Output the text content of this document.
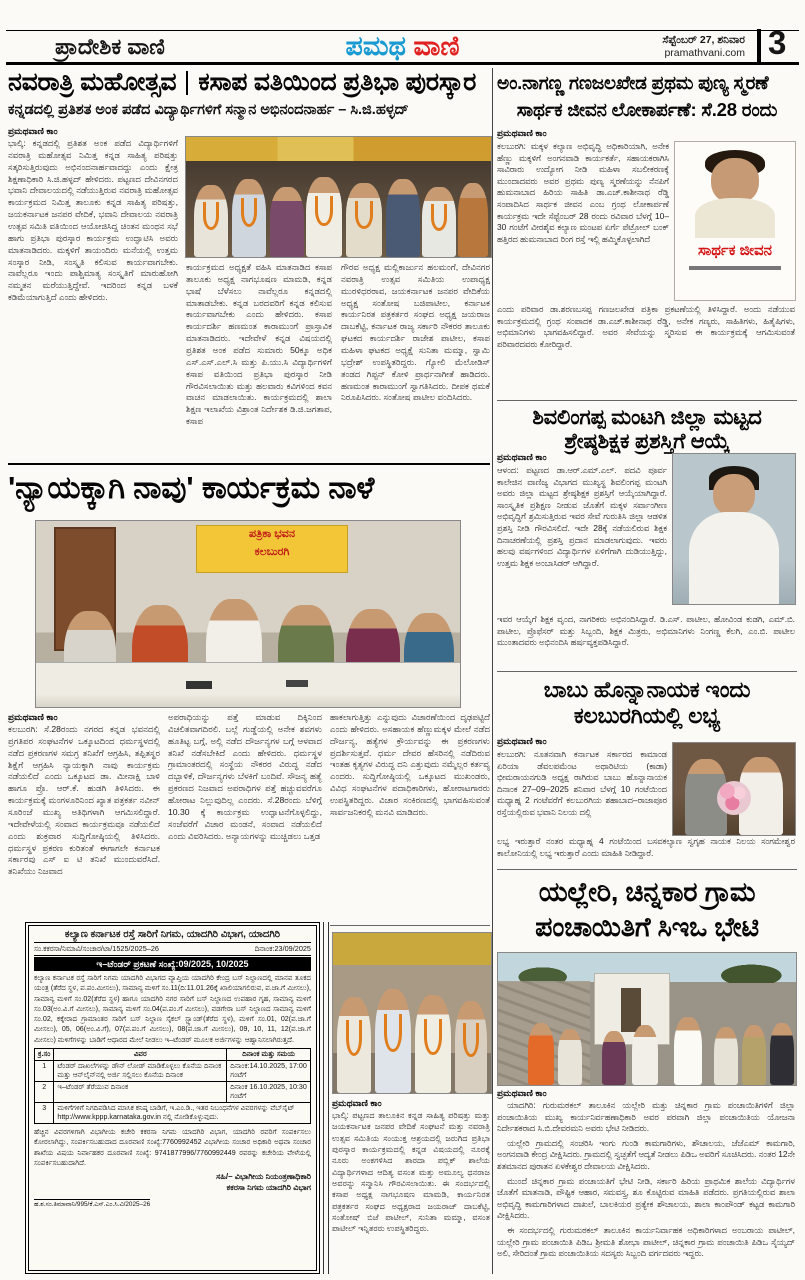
ಪ್ರಾದೇಶಿಕ ವಾಣಿ	ಪಮಥ ವಾಣಿ	ಸೆಪ್ಟೆಂಬರ್ 27, ಶನಿವಾರ
pramathvani.com 3
ನವರಾತ್ರಿ ಮಹೋತ್ಸವ ಕಸಾಪ ವತಿಯಿಂದ ಪ್ರತಿಭಾ ಪುರಸ್ಕಾರ
ಕನ್ನಡದಲ್ಲಿ ಪ್ರತಿಶತ ಅಂಕ ಪಡೆದ ವಿದ್ಯಾರ್ಥಿಗಳಿಗೆ ಸನ್ಮಾನ ಅಭಿನಂದನಾರ್ಹ – ಸಿ.ಜಿ.ಹಳ್ಳದ್
ಪ್ರಮಥವಾಣಿ ಕಾಂ
ಭಾಲ್ಕಿ: ಕನ್ನಡದಲ್ಲಿ ಪ್ರತಿಶತ ಅಂಕ ಪಡೆದ ವಿದ್ಯಾರ್ಥಿಗಳಿಗೆ ನವರಾತ್ರಿ ಮಹೋತ್ಸವ ನಿಮಿತ್ತ ಕನ್ನಡ ಸಾಹಿತ್ಯ ಪರಿಷತ್ತು ಸತ್ಕರಿಸುತ್ತಿರುವುದು ಅಭಿನಂದನಾರ್ಹವಾದದ್ದು ಎಂದು ಕ್ಷೇತ್ರ ಶಿಕ್ಷಣಾಧಿಕಾರಿ ಸಿ.ಜಿ.ಹಳ್ಳದ್ ಹೇಳಿದರು. ಪಟ್ಟಣದ ದೇವಿನಗರದ ಭವಾನಿ ದೇವಾಲಯದಲ್ಲಿ ನಡೆಯುತ್ತಿರುವ ನವರಾತ್ರಿ ಮಹೋತ್ಸವ ಕಾರ್ಯಕ್ರಮದ ನಿಮಿತ್ತ ತಾಲೂಕು ಕನ್ನಡ ಸಾಹಿತ್ಯ ಪರಿಷತ್ತು, ಜಯಕರ್ನಾಟಕ ಜನಪರ ವೇದಿಕೆ, ಭವಾನಿ ದೇವಾಲಯ ನವರಾತ್ರಿ ಉತ್ಸವ ಸಮಿತಿ ವತಿಯಿಂದ ಆಯೋಜಿಸಿದ್ದ ಚಿಂತನ ಮಂಥನ ಸಭೆ ಹಾಗು ಪ್ರತಿಭಾ ಪುರಸ್ಕಾರ ಕಾರ್ಯಕ್ರಮ ಉದ್ಘಾಟಿಸಿ ಅವರು ಮಾತನಾಡಿದರು. ಮಕ್ಕಳಿಗೆ ತಾಯಂದಿರು ಮನೆಯಲ್ಲಿ ಉತ್ತಮ ಸಂಸ್ಕಾರ ನೀಡಿ, ಸಂಸ್ಕೃತಿ ಕಲಿಸುವ ಕಾರ್ಯವಾಗಬೇಕು. ನಾವೆಲ್ಲರೂ ಇಂದು ಪಾಶ್ಚಿಮಾತ್ಯ ಸಂಸ್ಕೃತಿಗೆ ಮಾರುಹೋಗಿ ನಮ್ಮತನ ಮರೆಯುತ್ತಿದ್ದೇವೆ. ಇದರಿಂದ ಕನ್ನಡ ಬಳಕೆ ಕಡಿಮೆಯಾಗುತ್ತಿದೆ ಎಂದು ಹೇಳಿದರು.
ಕಾರ್ಯಕ್ರಮದ ಅಧ್ಯಕ್ಷತೆ ವಹಿಸಿ ಮಾತನಾಡಿದ ಕಸಾಪ ತಾಲೂಕು ಅಧ್ಯಕ್ಷ ನಾಗಭೂಷಣ ಮಾಮಡಿ, ಕನ್ನಡ ಭಾಷೆ ಬೆಳೆಸಲು ನಾವೆಲ್ಲರೂ ಕನ್ನಡದಲ್ಲಿ ಮಾತಾಡಬೇಕು. ಕನ್ನಡ ಬರದವರಿಗೆ ಕನ್ನಡ ಕಲಿಸುವ ಕಾರ್ಯವಾಗಬೇಕು ಎಂದು ಹೇಳಿದರು. ಕಸಾಪ ಕಾರ್ಯದರ್ಶಿ ಹಣಮಂತ ಕಾರಾಮುಂಗೆ ಪ್ರಾಸ್ತಾವಿಕ ಮಾತನಾಡಿದರು. ಇದೇವೇಳೆ ಕನ್ನಡ ವಿಷಯದಲ್ಲಿ ಪ್ರತಿಶತ ಅಂಕ ಪಡೆದ ಸುಮಾರು 50ಕ್ಕೂ ಅಧಿಕ ಎಸ್.ಎಸ್.ಎಲ್.ಸಿ ಮತ್ತು ಪಿ.ಯು.ಸಿ ವಿದ್ಯಾರ್ಥಿಗಳಿಗೆ ಕಸಾಪ ವತಿಯಿಂದ ಪ್ರತಿಭಾ ಪುರಸ್ಕಾರ ನೀಡಿ ಗೌರವಿಸಲಾಯಿತು ಮತ್ತು ಹಲವಾರು ಕವಿಗಳಿಂದ ಕವನ ವಾಚನ ಮಾಡಲಾಯಿತು. ಕಾರ್ಯಕ್ರಮದಲ್ಲಿ ಶಾಲಾ ಶಿಕ್ಷಣ ಇಲಾಖೆಯ ವಿಶ್ರಾಂತ ನಿರ್ದೇಶಕ ಡಿ.ಜಿ.ಜಗತಾಪ, ಕಸಾಪ
ಗೌರವ ಅಧ್ಯಕ್ಷ ಮಲ್ಲಿಕಾರ್ಜುನ ಹಲಮಂಗೆ, ದೇವಿನಗರ ನವರಾತ್ರಿ ಉತ್ಸವ ಸಮಿತಿಯ ಉಪಾಧ್ಯಕ್ಷ ಮುರಳಿಧರರಾವ, ಜಯಕರ್ನಾಟಕ ಜನಪರ ವೇದಿಕೆಯ ಅಧ್ಯಕ್ಷ ಸಂತೋಷ ಬಜಿಪಾಟೀಲ, ಕರ್ನಾಟಕ ಕಾರ್ಯನಿರತ ಪತ್ರಕರ್ತರ ಸಂಘದ ಅಧ್ಯಕ್ಷ ಜಯರಾಜ ದಾಬಕೆಟ್ಟಿ, ಕರ್ನಾಟಕ ರಾಜ್ಯ ಸರ್ಕಾರಿ ನೌಕರರ ತಾಲೂಕು ಘಟಕದ ಕಾರ್ಯದರ್ಶಿ ರಾಜೇಶ ಪಾಟೀಲ, ಕಸಾಪ ಮಹಿಳಾ ಘಟಕದ ಅಧ್ಯಕ್ಷೆ ಸುನಿತಾ ಮಮ್ಮಾ, ಸ್ವಾಮಿ ಭದ್ರೇಶ್ ಉಪಸ್ಥಿತರಿದ್ದರು. ಗ್ಯೋಲಿ ಮೆಲೋಡಿಸ್ ತಂಡದ ಗಿಪ್ಟನ್ ಕೋಳಿ ಪ್ರಾರ್ಥನಾಗೀತೆ ಹಾಡಿದರು. ಹಣಮಂತ ಕಾರಾಮುಂಗೆ ಸ್ವಾಗತಿಸಿದರು. ದೀಪಕ ಥಮಕೆ ನಿರೂಪಿಸಿದರು. ಸಂತೋಷ ಪಾಟೀಲ ವಂದಿಸಿದರು.
'ನ್ಯಾಯಕ್ಕಾಗಿ ನಾವು' ಕಾರ್ಯಕ್ರಮ ನಾಳೆ
ಪತ್ರಿಕಾ ಭವನ
ಕಲಬುರಗಿ
ಪ್ರಮಥವಾಣಿ ಕಾಂ
ಕಲಬುರಗಿ: ಸೆ.28ರಂದು ನಗರದ ಕನ್ನಡ ಭವನದಲ್ಲಿ ಪ್ರಗತಿಪರ ಸಂಘಟನೆಗಳ ಒಕ್ಕೂಟದಿಂದ ಧರ್ಮಸ್ಥಳದಲ್ಲಿ ನಡೆದ ಪ್ರಕರಣಗಳ ಸಮಗ್ರ ತನಿಖೆಗೆ ಆಗ್ರಹಿಸಿ, ತಪ್ಪಿತಸ್ಥರ ಶಿಕ್ಷೆಗೆ ಆಗ್ರಹಿಸಿ ನ್ಯಾಯಕ್ಕಾಗಿ ನಾವು ಕಾರ್ಯಕ್ರಮ ನಡೆಯಲಿದೆ ಎಂದು ಒಕ್ಕೂಟದ ಡಾ. ಮೀನಾಕ್ಷಿ ಬಾಳಿ ಹಾಗೂ ಪ್ರೊ. ಆರ್.ಕೆ. ಹುಡಗಿ ತಿಳಿಸಿದರು. ಈ ಕಾರ್ಯಕ್ರಮಕ್ಕೆ ಮಂಗಳೂರಿನಿಂದ ಖ್ಯಾತ ಪತ್ರಕರ್ತ ನವೀನ್ ಸೂರಿಂಜೆ ಮುಖ್ಯ ಅತಿಥಿಗಳಾಗಿ ಆಗಮಿಸಲಿದ್ದಾರೆ. ಇದೇವೇಳೆಯಲ್ಲಿ ಸಂವಾದ ಕಾರ್ಯಕ್ರಮವೂ ನಡೆಯಲಿದೆ ಎಂದು ಶುಕ್ರವಾರ ಸುದ್ದಿಗೋಷ್ಠಿಯಲ್ಲಿ ತಿಳಿಸಿದರು. ಧರ್ಮಸ್ಥಳ ಪ್ರಕರಣ ಕುರಿತಂತೆ ಈಗಾಗಲೇ ಕರ್ನಾಟಕ ಸರ್ಕಾರವು ಎಸ್ ಐ ಟಿ ತನಿಖೆ ಮುಂದುವರೆಸಿದೆ. ತನಿಖೆಯು ನಿಜವಾದ
ಅಪರಾಧಿಯನ್ನು ಪತ್ತೆ ಮಾಡುವ ದಿಕ್ಕಿನಿಂದ ವಿಚಲಿತವಾಗದಿರಲಿ. ಬಲ್ಲೆ ಗುಡ್ಡೆಯಲ್ಲಿ ಅನೇಕ ಶವಗಳು ಹೂತಿಟ್ಟ ಬಗ್ಗೆ, ಅಲ್ಲಿ ನಡೆದ ದೌರ್ಜನ್ಯಗಳ ಬಗ್ಗೆ ಆಳವಾದ ತನಿಖೆ ನಡೆಸಬೇಕಿದೆ ಎಂದು ಹೇಳಿದರು. ಧರ್ಮಸ್ಥಳ ಗ್ರಾಮಾಂತರದಲ್ಲಿ ಸಂಸ್ಥೆಯ ನೌಕರರ ವಿರುದ್ಧ ನಡೆದ ದಬ್ಬಾಳಿಕೆ, ದೌರ್ಜನ್ಯಗಳು ಬೆಳಕಿಗೆ ಬಂದಿವೆ. ಸೌಜನ್ಯ ಹತ್ಯೆ ಪ್ರಕರಣದ ನಿಜವಾದ ಅಪರಾಧಿಗಳ ಪತ್ತೆ ಹಚ್ಚುವವರೆಗೂ ಹೋರಾಟ ನಿಲ್ಲುವುದಿಲ್ಲ ಎಂದರು. ಸೆ.28ರಂದು ಬೆಳಿಗ್ಗೆ 10.30 ಕ್ಕೆ ಕಾರ್ಯಕ್ರಮ ಉದ್ಘಾಟನೆಗೊಳ್ಳಲಿದ್ದು, ಸಂಜೆವರೆಗೆ ವಿಚಾರ ಮಂಡನೆ, ಸಂವಾದ ನಡೆಯಲಿದೆ ಎಂದು ವಿವರಿಸಿದರು. ಅನ್ಯಾಯಗಳನ್ನು ಮುಚ್ಚಿಡಲು ಒತ್ತಡ
ಹಾಕಲಾಗುತ್ತಿತ್ತು ಎನ್ನುವುದು ವಿಚಾರಣೆಯಿಂದ ದೃಢಪಟ್ಟಿದೆ ಎಂದು ಹೇಳಿದರು. ಅಸಹಾಯಕ ಹೆಣ್ಣುಮಕ್ಕಳ ಮೇಲೆ ನಡೆದ ದೌರ್ಜನ್ಯ, ಹತ್ಯೆಗಳ ಕ್ರೌರ್ಯವನ್ನು ಈ ಪ್ರಕರಣಗಳು ಪ್ರದರ್ಶಿಸುತ್ತವೆ. ಧರ್ಮ ದೇವರ ಹೆಸರಿನಲ್ಲಿ ನಡೆದಿರುವ ಇಂತಹ ಕೃತ್ಯಗಳ ವಿರುದ್ಧ ದನಿ ಎತ್ತುವುದು ನಮ್ಮೆಲ್ಲರ ಕರ್ತವ್ಯ ಎಂದರು. ಸುದ್ದಿಗೋಷ್ಠಿಯಲ್ಲಿ ಒಕ್ಕೂಟದ ಮುಖಂಡರು, ವಿವಿಧ ಸಂಘಟನೆಗಳ ಪದಾಧಿಕಾರಿಗಳು, ಹೋರಾಟಗಾರರು ಉಪಸ್ಥಿತರಿದ್ದರು. ವಿಚಾರ ಸಂಕಿರಣದಲ್ಲಿ ಭಾಗವಹಿಸುವಂತೆ ಸಾರ್ವಜನಿಕರಲ್ಲಿ ಮನವಿ ಮಾಡಿದರು.
ಕಲ್ಯಾಣ ಕರ್ನಾಟಕ ರಸ್ತೆ ಸಾರಿಗೆ ನಿಗಮ, ಯಾದಗಿರಿ ವಿಭಾಗ, ಯಾದಗಿರಿ
ಸಂ.ಕಕರಸಾ/ನಿಮಾವಿ/ಸಂಚಾರ/ಟಾ/1525/2025–26	ದಿನಾಂಕ:23/09/2025
ಇ–ಟೆಂಡರ್ ಪ್ರಕಟಣೆ ಸಂಖ್ಯೆ:09/2025, 10/2025
ಕಲ್ಯಾಣ ಕರ್ನಾಟಕ ರಸ್ತೆ ಸಾರಿಗೆ ನಿಗಮ ಯಾದಗಿರಿ ವಿಭಾಗದ ವ್ಯಾಪ್ತಿಯ ಯಾದಗಿರಿ ಕೇಂದ್ರ ಬಸ್ ನಿಲ್ದಾಣದಲ್ಲಿ ಮಾನವ ತೂಕದ ಯಂತ್ರ (ತೆರೆದ ಸ್ಥಳ, ಪ.ಪಂ.ಮೀಸಲು), ಸಾಮಾನ್ಯ ಮಳಿಗೆ ಸಂ.11(ದಿ:11.01.26ಕ್ಕೆ ಖಾಲಿಯಾಗಲಿರುವ, ಪ.ಜಾ.ಗೆ ಮೀಸಲು), ಸಾಮಾನ್ಯ ಮಳಿಗೆ ಸಂ.02(ತೆರೆದ ಸ್ಥಳ) ಹಾಗೂ ಯಾದಗಿರಿ ನಗರ ಸಾರಿಗೆ ಬಸ್ ನಿಲ್ದಾಣದ ಉಪಹಾರ ಗೃಹ, ಸಾಮಾನ್ಯ ಮಳಿಗೆ ಸಂ.03(ಅಂ.ವಿ.ಗೆ ಮೀಸಲು), ಸಾಮಾನ್ಯ ಮಳಿಗೆ ಸಂ.04(ಪ.ಪಂ.ಗೆ ಮೀಸಲು), ವಡಗೇರಾ ಬಸ್ ನಿಲ್ದಾಣದ ಸಾಮಾನ್ಯ ಮಳಿಗೆ ಸಂ.02, ಕಕ್ಕೇರಾದ ಗ್ರಾಮಾಂತರ ಸಾರಿಗೆ ಬಸ್ ನಿಲ್ದಾಣ ಸೈಕಲ್ ಸ್ಟ್ಯಾಂಡ್(ತೆರೆದ ಸ್ಥಳ), ಮಳಿಗೆ ಸಂ.01, 02(ಪ.ಜಾ.ಗೆ ಮೀಸಲು), 05, 06(ಅಂ.ವಿ.ಗೆ), 07(ಪ.ಪಂ.ಗೆ ಮೀಸಲು), 08(ಪ.ಜಾ.ಗೆ ಮೀಸಲು), 09, 10, 11, 12(ಪ.ಜಾ.ಗೆ ಮೀಸಲು) ಮಳಿಗೆಗಳನ್ನು ಬಾಡಿಗೆ ಆಧಾರದ ಮೇಲೆ ನೀಡಲು ಇ–ಟೆಂಡರ್ ಮೂಲಕ ಅರ್ಜಿಗಳನ್ನು ಆಹ್ವಾನಿಸಲಾಗಿರುತ್ತದೆ.
ಕ್ರ.ಸಂ	ವಿವರ	ದಿನಾಂಕ ಮತ್ತು ಸಮಯ
1	ಟೆಂಡರ್ ದಾಖಲೆಗಳನ್ನು ಡೌನ್ ಲೋಡ್ ಮಾಡಿಕೊಳ್ಳಲು ಕೊನೆಯ ದಿನಾಂಕ ಮತ್ತು ಆನ್‌ಲೈನ್‌ನಲ್ಲಿ ಅರ್ಜಿ ಸಲ್ಲಿಸಲು ಕೊನೆಯ ದಿನಾಂಕ	ದಿನಾಂಕ:14.10.2025, 17:00 ಗಂಟೆಗೆ
2	ಇ–ಟೆಂಡರ್ ತೆರೆಯುವ ದಿನಾಂಕ	ದಿನಾಂಕ 16.10.2025, 10:30 ಗಂಟೆಗೆ
3	ಮಳಿಗೆಗಳಿಗೆ ನಿಗದಿಪಡಿಸಿದ ಮಾಸಿಕ ಕನಿಷ್ಠ ಬಾಡಿಗೆ, ಇ.ಎಂ.ಡಿ., ಇತರ ನಿಬಂಧನೆಗಳ ವಿವರಗಳನ್ನು ವೆಬ್‌ಸೈಟ್ http://www.kppp.karnataka.gov.in ನಲ್ಲಿ ನೋಡಿಕೊಳ್ಳುವುದು.	
ಹೆಚ್ಚಿನ ವಿವರಗಳಿಗಾಗಿ ವಿಭಾಗೀಯ ಕಚೇರಿ ಕಕರಸಾ ನಿಗಮ ಯಾದಗಿರಿ ವಿಭಾಗ, ಯಾದಗಿರಿ ರವರಿಗೆ ಸಂಪರ್ಕಿಸಲು ಕೋರಲಾಗಿದ್ದು, ಸಂಪರ್ಕಿಸಬಹುದಾದ ದೂರವಾಣಿ ಸಂಖ್ಯೆ:7760992452 ವಿಭಾಗೀಯ ಸಂಚಾರ ಅಧಿಕಾರಿ ಅಥವಾ ಸಂಚಾರ ಶಾಖೆಯ ವಿಷಯ ನಿರ್ವಾಹಕರ ದೂರವಾಣಿ ಸಂಖ್ಯೆ: 9741877996/7760992449 ರವರನ್ನು ಕಚೇರಿಯ ವೇಳೆಯಲ್ಲಿ ಸಂಪರ್ಕಿಸಬಹುದಾಗಿದೆ.
ಸಹಿ/– ವಿಭಾಗೀಯ ನಿಯಂತ್ರಣಾಧಿಕಾರಿ
ಕಕರಸಾ ನಿಗಮ ಯಾದಗಿರಿ ವಿಭಾಗ
ಹ.ಶ.ಸಂ.ತಿಮಾವಾನಿ/995/ಕೆ.ಎಸ್.ಎಂ.ಸಿ.ವಿ/2025–26
ಪ್ರಮಥವಾಣಿ ಕಾಂ
ಭಾಲ್ಕಿ: ಪಟ್ಟಣದ ತಾಲೂಕಿನ ಕನ್ನಡ ಸಾಹಿತ್ಯ ಪರಿಷತ್ತು ಮತ್ತು ಜಯಕರ್ನಾಟಕ ಜನಪರ ವೇದಿಕೆ ಸಂಘಟನೆ ಮತ್ತು ನವರಾತ್ರಿ ಉತ್ಸವ ಸಮಿತಿಯ ಸಂಯುಕ್ತ ಆಶ್ರಯದಲ್ಲಿ ಜರುಗಿದ ಪ್ರತಿಭಾ ಪುರಸ್ಕಾರ ಕಾರ್ಯಕ್ರಮದಲ್ಲಿ ಕನ್ನಡ ವಿಷಯದಲ್ಲಿ ನೂರಕ್ಕೆ ನೂರು ಅಂಕಗಳಿಸಿದ ಶಾರದಾ ಪಬ್ಲಿಕ್ ಶಾಲೆಯ ವಿದ್ಯಾರ್ಥಿಗಳಾದ ಆದಿತ್ಯ ವಸಂತ ಮತ್ತು ಅಮೂಲ್ಯ ಧನರಾಜ ಅವರನ್ನು ಸನ್ಮಾನಿಸಿ ಗೌರವಿಸಲಾಯಿತು. ಈ ಸಂದರ್ಭದಲ್ಲಿ ಕಸಾಪ ಅಧ್ಯಕ್ಷ ನಾಗಭೂಷಣ ಮಾಮಡಿ, ಕಾರ್ಯನಿರತ ಪತ್ರಕರ್ತರ ಸಂಘದ ಅಧ್ಯಕ್ಷರಾದ ಜಯರಾಜ್ ದಾಬಕೆಟ್ಟಿ, ಸಂತೋಷ್ ಬಿಜೆ ಪಾಟೀಲ್, ಸುನಿತಾ ಮಮ್ಮಾ, ವಸಂತ ಪಾಟೀಲ್ ಇನ್ನಿತರರು ಉಪಸ್ಥಿತರಿದ್ದರು.
ಅಂ.ನಾಗಣ್ಣ ಗಣಜಲಖೇಡ ಪ್ರಥಮ ಪುಣ್ಯ ಸ್ಮರಣೆ
ಸಾರ್ಥಕ ಜೀವನ ಲೋಕಾರ್ಪಣೆ: ಸೆ.28 ರಂದು
ಪ್ರಮಥವಾಣಿ ಕಾಂ
ಕಲಬುರಗಿ: ಮಕ್ಕಳ ಕಲ್ಯಾಣ ಅಭಿವೃದ್ಧಿ ಅಧಿಕಾರಿಯಾಗಿ, ಅನೇಕ ಹೆಣ್ಣು ಮಕ್ಕಳಿಗೆ ಅಂಗನವಾಡಿ ಕಾರ್ಯಕರ್ತೆ, ಸಹಾಯಕರಾಗಿಸಿ ಸಾವಿರಾರು ಉದ್ಯೋಗ ನೀಡಿ ಮಹಿಳಾ ಸಬಲೀಕರಣಕ್ಕೆ ಮುಂದಾದವರು ಅವರ ಪ್ರಥಮ ಪುಣ್ಯ ಸ್ಮರಣೆಯನ್ನು ನೆನಪಿಗೆ ಹುಮನಾಬಾದ ಹಿರಿಯ ಸಾಹಿತಿ ಡಾ.ಎಚ್.ಕಾಶೀನಾಥ ರೆಡ್ಡಿ ಸಂಪಾದಿಸಿದ ಸಾರ್ಥಕ ಜೀವನ ಎಂಬ ಗ್ರಂಥ ಲೋಕಾರ್ಪಣೆ ಕಾರ್ಯಕ್ರಮ ಇದೇ ಸೆಪ್ಟೆಂಬರ್ 28 ರಂದು ರವಿವಾರ ಬೆಳಗ್ಗೆ 10–30 ಗಂಟೆಗೆ ವೀರಶೈವ ಕಲ್ಯಾಣ ಮಂಟಪ ಏರ್ಗೆ ಪೆಟ್ರೋಲ್ ಬಂಕ್ ಹತ್ತಿರದ ಹುಮನಾಬಾದ ರಿಂಗ ರಸ್ತೆ ಇಲ್ಲಿ ಹಮ್ಮಿಕೊಳ್ಳಲಾಗಿದೆ
ಸಾರ್ಥಕ ಜೀವನ
ಎಂದು ಪರಿವಾರ ಡಾ.ಶರಣಬಸಪ್ಪ ಗಣಜಲಖೇಡ ಪತ್ರಿಕಾ ಪ್ರಕಟಣೆಯಲ್ಲಿ ತಿಳಿಸಿದ್ದಾರೆ. ಅಂದು ನಡೆಯುವ ಕಾರ್ಯಕ್ರಮದಲ್ಲಿ ಗ್ರಂಥ ಸಂಪಾದಕ ಡಾ.ಎಚ್.ಕಾಶೀನಾಥ ರೆಡ್ಡಿ, ಅನೇಕ ಗಣ್ಯರು, ಸಾಹಿತಿಗಳು, ಹಿತೈಷಿಗಳು, ಅಭಿಮಾನಿಗಳು ಭಾಗವಹಿಸಲಿದ್ದಾರೆ. ಅವರ ಸೇವೆಯನ್ನು ಸ್ಮರಿಸುವ ಈ ಕಾರ್ಯಕ್ರಮಕ್ಕೆ ಆಗಮಿಸುವಂತೆ ಪರಿವಾರದವರು ಕೋರಿದ್ದಾರೆ.
ಶಿವಲಿಂಗಪ್ಪ ಮಂಟಗಿ ಜಿಲ್ಲಾ ಮಟ್ಟದ
ಶ್ರೇಷ್ಠಶಿಕ್ಷಕ ಪ್ರಶಸ್ತಿಗೆ ಆಯ್ಕೆ
ಪ್ರಮಥವಾಣಿ ಕಾಂ
ಆಳಂದ: ಪಟ್ಟಣದ ಡಾ.ಆರ್.ಎಮ್.ಎಲ್. ಪದವಿ ಪೂರ್ವ ಕಾಲೇಜಿನ ವಾಣಿಜ್ಯ ವಿಭಾಗದ ಮುಖ್ಯಸ್ಥ ಶಿವಲಿಂಗಪ್ಪ ಮಂಟಗಿ ಅವರು ಜಿಲ್ಲಾ ಮಟ್ಟದ ಶ್ರೇಷ್ಠಶಿಕ್ಷಕ ಪ್ರಶಸ್ತಿಗೆ ಆಯ್ಕೆಯಾಗಿದ್ದಾರೆ. ಸಾಂಸ್ಕೃತಿಕ ಪ್ರಶಿಕ್ಷಣ ನೀಡುವ ಜೊತೆಗೆ ಮಕ್ಕಳ ಸರ್ವಾಂಗೀಣ ಅಭಿವೃದ್ಧಿಗೆ ಶ್ರಮಿಸುತ್ತಿರುವ ಇವರ ಸೇವೆ ಗುರುತಿಸಿ ಜಿಲ್ಲಾ ಆಡಳಿತ ಪ್ರಶಸ್ತಿ ನೀಡಿ ಗೌರವಿಸಲಿದೆ. ಇದೇ 28ಕ್ಕೆ ನಡೆಯಲಿರುವ ಶಿಕ್ಷಕ ದಿನಾಚರಣೆಯಲ್ಲಿ ಪ್ರಶಸ್ತಿ ಪ್ರದಾನ ಮಾಡಲಾಗುವುದು. ಇವರು ಹಲವು ವರ್ಷಗಳಿಂದ ವಿದ್ಯಾರ್ಥಿಗಳ ಏಳಿಗೆಗಾಗಿ ದುಡಿಯುತ್ತಿದ್ದು, ಉತ್ತಮ ಶಿಕ್ಷಕ ಅಂಬಾಸಿಡರ್ ಆಗಿದ್ದಾರೆ.
ಇವರ ಆಯ್ಕೆಗೆ ಶಿಕ್ಷಕ ವೃಂದ, ನಾಗರಿಕರು ಅಭಿನಂದಿಸಿದ್ದಾರೆ. ಡಿ.ಎಸ್. ಪಾಟೀಲ, ಹೋವಿಂಡ ಕುಡಗಿ, ಎಮ್.ಬಿ. ಪಾಟೀಲ, ಪ್ರೊಫೆಸರ್ ಮತ್ತು ಸಿಬ್ಬಂದಿ, ಶಿಕ್ಷಕ ಮಿತ್ರರು, ಅಭಿಮಾನಿಗಳು ನಿಂಗಣ್ಣ ಕೆಲಗಿ, ಎಂ.ಬಿ. ಪಾಟೀಲ ಮುಂತಾದವರು ಅಭಿನಂದಿಸಿ ಹರ್ಷವ್ಯಕ್ತಪಡಿಸಿದ್ದಾರೆ.
ಬಾಬು ಹೊನ್ನಾನಾಯಕ ಇಂದು
ಕಲಬುರಗಿಯಲ್ಲಿ ಲಭ್ಯ
ಪ್ರಮಥವಾಣಿ ಕಾಂ
ಕಲಬುರಗಿ: ನೂತನವಾಗಿ ಕರ್ನಾಟಕ ಸರ್ಕಾರದ ಕಾಮಾಂಡ ಏರಿಯಾ ಡೆವಲಪಮೆಂಟ ಅಥಾರಿಟಿಯ (ಕಾಡಾ) ಭೀಮರಾಯನಗುಡಿ ಅಧ್ಯಕ್ಷ ರಾಗಿರುವ ಬಾಬು ಹೊನ್ನಾನಾಯಕ ದಿನಾಂಕ 27–09–2025 ಶನಿವಾರ ಬೆಳಗ್ಗೆ 10 ಗಂಟೆಯಿಂದ ಮಧ್ಯಾಹ್ನ 2 ಗಂಟೆವರೆಗೆ ಕಲಬುರಗಿಯ ಶಹಾಬಾದ–ರಾಜಾಪೂರ ರಸ್ತೆಯಲ್ಲಿರುವ ಭವಾನಿ ನಿಲಯ ದಲ್ಲಿ
ಲಭ್ಯ ಇರುತ್ತಾರೆ ನಂತರ ಮಧ್ಯಾಹ್ನ 4 ಗಂಟೆಯಿಂದ ಬಸವಕಲ್ಯಾಣ ಸ್ವಗೃಹ ನಾಯಕ ನಿಲಯ ಸಂಗಮೇಶ್ವರ ಕಾಲೋನಿಯಲ್ಲಿ ಲಭ್ಯ ಇರುತ್ತಾರೆ ಎಂದು ಮಾಹಿತಿ ನೀಡಿದ್ದಾರೆ.
ಯಲ್ಲೇರಿ, ಚಿನ್ನಕಾರ ಗ್ರಾಮ
ಪಂಚಾಯಿತಿಗೆ ಸಿಇಒ ಭೇಟಿ
ಪ್ರಮಥವಾಣಿ ಕಾಂ

ಯಾದಗಿರಿ: ಗುರುಮಠಕಲ್ ತಾಲೂಕಿನ ಯಲ್ಲೇರಿ ಮತ್ತು ಚಿನ್ನಕಾರ ಗ್ರಾಮ ಪಂಚಾಯಿತಿಗಳಿಗೆ ಜಿಲ್ಲಾ ಪಂಚಾಯಿತಿಯ ಮುಖ್ಯ ಕಾರ್ಯನಿರ್ವಹಣಾಧಿಕಾರಿ ಅವರ ಪರವಾಗಿ ಜಿಲ್ಲಾ ಪಂಚಾಯಿತಿಯ ಯೋಜನಾ ನಿರ್ದೇಶಕರಾದ ಸಿ.ಬಿ.ದೇವರಮನಿ ಅವರು ಭೇಟಿ ನೀಡಿದರು.

ಯಲ್ಲೇರಿ ಗ್ರಾಮದಲ್ಲಿ ಸಂಚರಿಸಿ ಇಂಗು ಗುಂಡಿ ಕಾಮಗಾರಿಗಳು, ಶೌಚಾಲಯ, ಜೆಜೆಎಮ್ ಕಾಮಗಾರಿ, ಅಂಗನವಾಡಿ ಕೇಂದ್ರ ವೀಕ್ಷಿಸಿದರು. ಗ್ರಾಮದಲ್ಲಿ ಸ್ವಚ್ಛತೆಗೆ ಆದ್ಯತೆ ನೀಡಲು ಪಿಡಿಒ ಅವರಿಗೆ ಸೂಚಿಸಿದರು. ನಂತರ 12ನೇ ಶತಮಾನದ ಪುರಾತನ ಏಳಕೇಶ್ವರ ದೇವಾಲಯ ವೀಕ್ಷಿಸಿದರು.

ಮುಂದೆ ಚಿನ್ನಕಾರ ಗ್ರಾಮ ಪಂಚಾಯತಿಗೆ ಭೇಟಿ ನೀಡಿ, ಸರ್ಕಾರಿ ಹಿರಿಯ ಪ್ರಾಥಮಿಕ ಶಾಲೆಯ ವಿದ್ಯಾರ್ಥಿಗಳ ಜೊತೆಗೆ ಮಾತನಾಡಿ, ಪೌಷ್ಟಿಕ ಆಹಾರ, ಸಮವಸ್ತ್ರ, ಶೂ ಕೊಟ್ಟಿರುವ ಮಾಹಿತಿ ಪಡೆದರು. ಪ್ರಗತಿಯಲ್ಲಿರುವ ಶಾಲಾ ಅಭಿವೃದ್ಧಿ ಕಾಮಗಾರಿಗಳಾದ ದಾಖಲೆ, ಬಾಲಕಿಯರ ಪ್ರತ್ಯೇಕ ಶೌಚಾಲಯ, ಶಾಲಾ ಕಾಂಪೌಂಡ್ ಕಟ್ಟಡ ಕಾಮಗಾರಿ ವೀಕ್ಷಿಸಿದರು.

ಈ ಸಂದರ್ಭದಲ್ಲಿ ಗುರುಮಠಕಲ್ ತಾಲೂಕಿನ ಕಾರ್ಯನಿರ್ವಾಹಕ ಅಧಿಕಾರಿಗಳಾದ ಅಂಬರಾಯ ಪಾಟೀಲ್, ಯಲ್ಲೇರಿ ಗ್ರಾಮ ಪಂಚಾಯಿತಿ ಪಿಡಿಒ ಶ್ರೀಮತಿ ಶೋಭಾ ಪಾಟೀಲ್, ಚಿನ್ನಕಾರ ಗ್ರಾಮ ಪಂಚಾಯಿತಿ ಪಿಡಿಒ ಸೈಯ್ಯದ್ ಅಲಿ, ಸೇರಿದಂತೆ ಗ್ರಾಮ ಪಂಚಾಯಿತಿಯ ಸದಸ್ಯರು ಸಿಬ್ಬಂದಿ ವರ್ಗದವರು ಇದ್ದರು.
